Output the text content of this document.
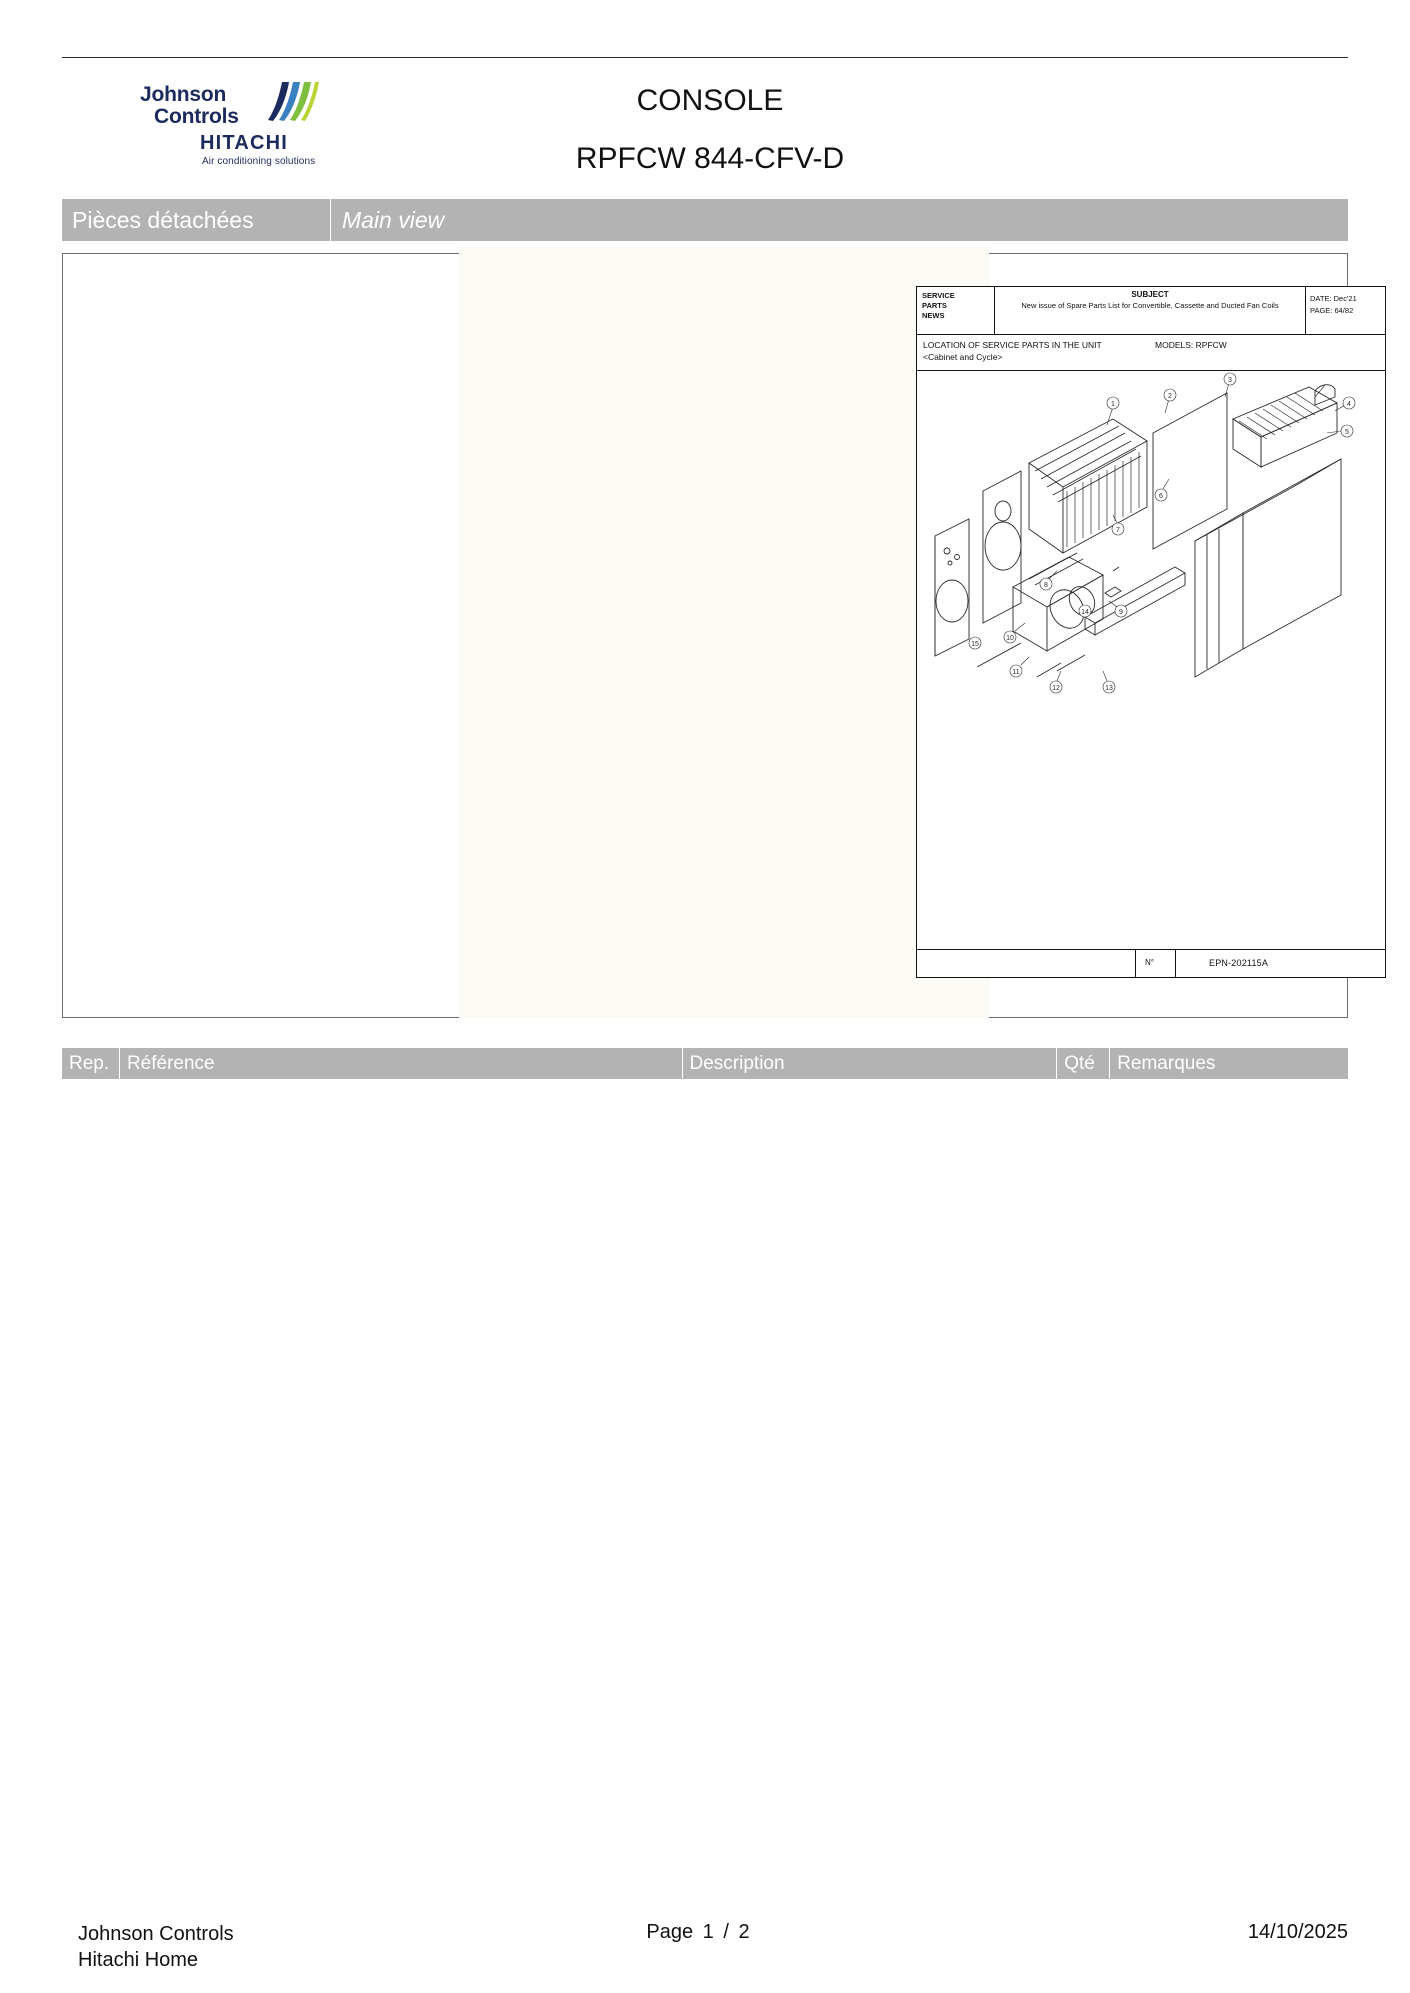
Johnson
Controls
HITACHI
Air conditioning solutions
CONSOLE
RPFCW 844-CFV-D
Pièces détachées	Main view
SERVICE
PARTS
NEWS
SUBJECT
New issue of Spare Parts List for Convertible, Cassette and Ducted Fan Coils
DATE: Dec'21
PAGE: 64/82
LOCATION OF SERVICE PARTS IN THE UNIT
<Cabinet and Cycle>
MODELS: RPFCW
1
2
3
4
5
6
7
8
9
10
11
12	13
14
15
N°	EPN-202115A
Rep. Référence	Description	Qté	Remarques
Johnson Controls
Hitachi Home
Page 1 / 2	14/10/2025
